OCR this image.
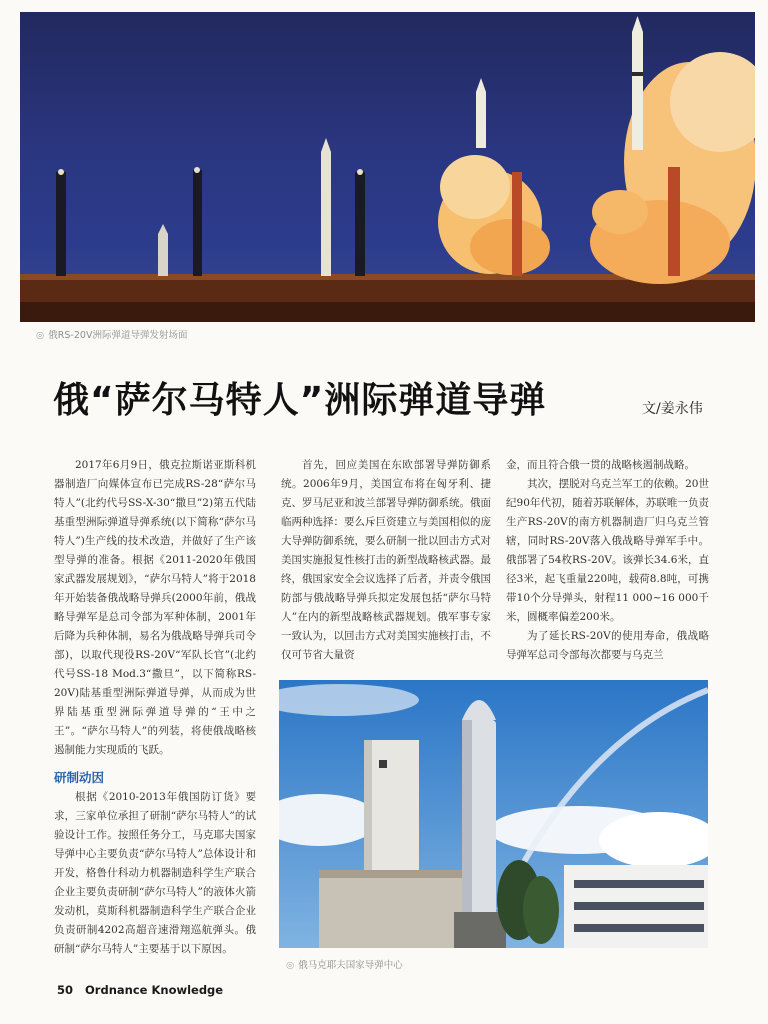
◎ 俄RS-20V洲际弹道导弹发射场面
俄“萨尔马特人”洲际弹道导弹	文/姜永伟

2017年6月9日，俄克拉斯诺亚斯科机器制造厂向媒体宣布已完成RS-28“萨尔马特人”(北约代号SS-X-30“撒旦”2)第五代陆基重型洲际弹道导弹系统(以下简称“萨尔马特人”)生产线的技术改造，并做好了生产该型导弹的准备。根据《2011-2020年俄国家武器发展规划》，“萨尔马特人”将于2018年开始装备俄战略导弹兵(2000年前，俄战略导弹军是总司令部为军种体制，2001年后降为兵种体制，易名为俄战略导弹兵司令部)，以取代现役RS-20V“军队长官”(北约代号SS-18 Mod.3“撒旦”，以下简称RS-20V)陆基重型洲际弹道导弹，从而成为世界陆基重型洲际弹道导弹的“王中之王”。“萨尔马特人”的列装，将使俄战略核遏制能力实现质的飞跃。

研制动因

根据《2010-2013年俄国防订货》要求，三家单位承担了研制“萨尔马特人”的试验设计工作。按照任务分工，马克耶夫国家导弹中心主要负责“萨尔马特人”总体设计和开发，格鲁什科动力机器制造科学生产联合企业主要负责研制“萨尔马特人”的液体火箭发动机，莫斯科机器制造科学生产联合企业负责研制4202高超音速滑翔巡航弹头。俄研制“萨尔马特人”主要基于以下原因。

首先，回应美国在东欧部署导弹防御系统。2006年9月，美国宣布将在匈牙利、捷克、罗马尼亚和波兰部署导弹防御系统。俄面临两种选择：要么斥巨资建立与美国相似的庞大导弹防御系统，要么研制一批以回击方式对美国实施报复性核打击的新型战略核武器。最终，俄国家安全会议选择了后者，并责令俄国防部与俄战略导弹兵拟定发展包括“萨尔马特人”在内的新型战略核武器规划。俄军事专家一致认为，以回击方式对美国实施核打击，不仅可节省大量资

金，而且符合俄一贯的战略核遏制战略。

其次，摆脱对乌克兰军工的依赖。20世纪90年代初，随着苏联解体，苏联唯一负责生产RS-20V的南方机器制造厂归乌克兰管辖，同时RS-20V落入俄战略导弹军手中。俄部署了54枚RS-20V。该弹长34.6米，直径3米，起飞重量220吨，载荷8.8吨，可携带10个分导弹头，射程11 000~16 000千米，圆概率偏差200米。

为了延长RS-20V的使用寿命，俄战略导弹军总司令部每次都要与乌克兰

◎ 俄马克耶夫国家导弹中心
50 Ordnance Knowledge
